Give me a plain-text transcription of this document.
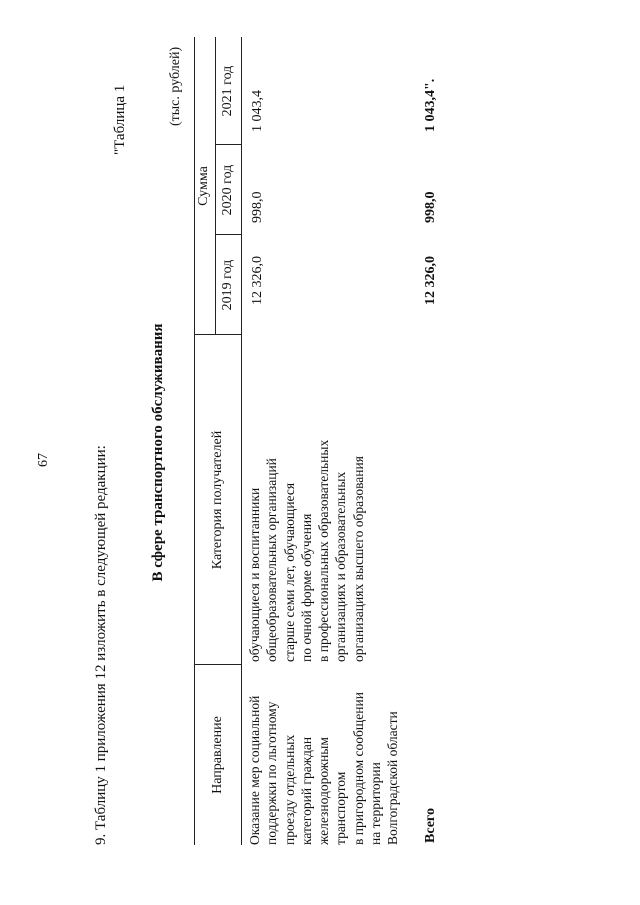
67	9. Таблицу 1 приложения 12 изложить в следующей редакции:
"Таблица 1
В сфере транспортного обслуживания
(тыс. рублей)
Направление
Категория получателей
Сумма
2019 год
2020 год
2021 год
Оказание мер социальной поддержки по льготному проезду отдельных категорий граждан железнодорожным транспортом в пригородном сообщении на территории Волгоградской области
обучающиеся и воспитанники общеобразовательных организаций старше семи лет, обучающиеся по очной форме обучения в профессиональных образовательных организациях и образовательных организациях высшего образования
12 326,0
998,0
1 043,4
Всего
12 326,0
998,0
1 043,4".
